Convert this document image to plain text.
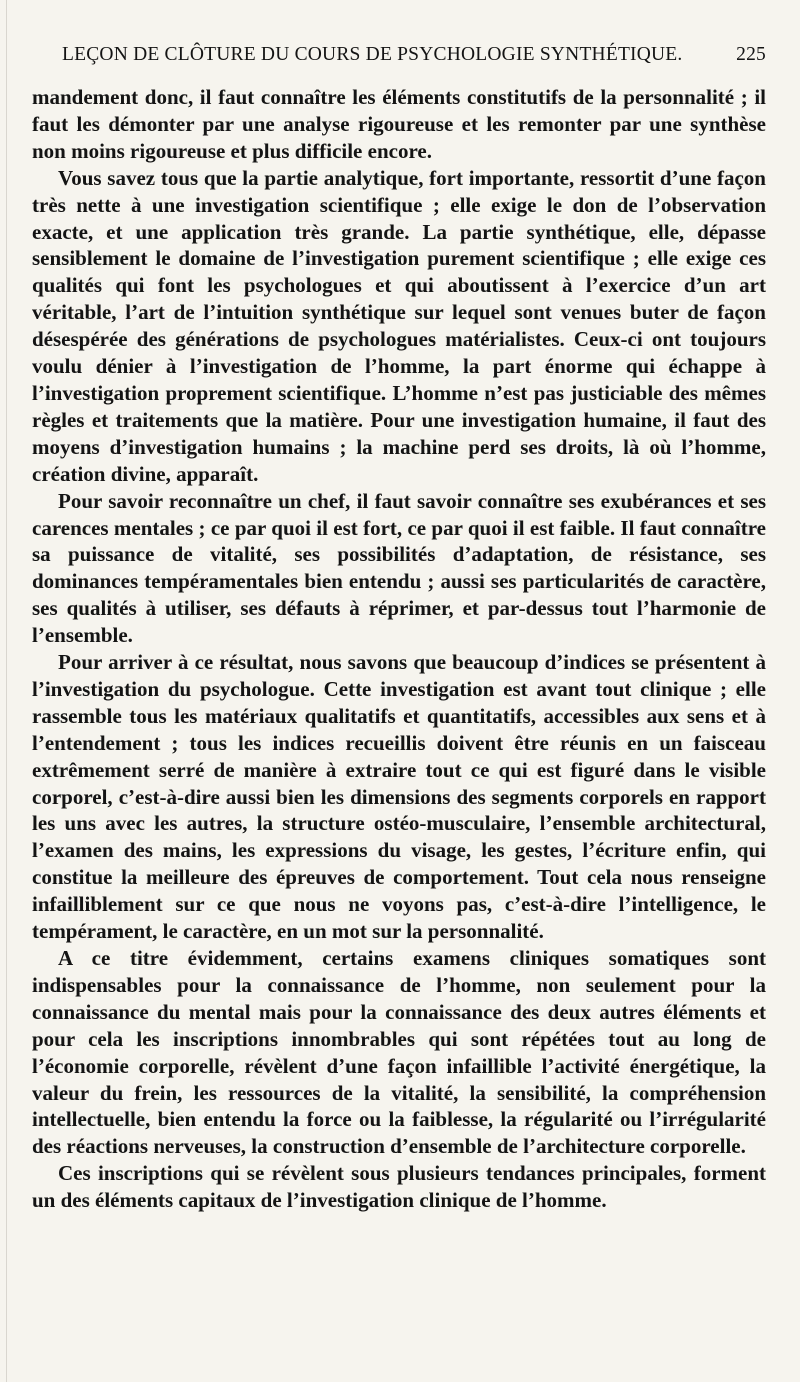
LEÇON DE CLÔTURE DU COURS DE PSYCHOLOGIE SYNTHÉTIQUE.	225

mandement donc, il faut connaître les éléments constitutifs de la personnalité ; il faut les démonter par une analyse rigoureuse et les remonter par une synthèse non moins rigoureuse et plus difficile encore.

Vous savez tous que la partie analytique, fort importante, ressortit d’une façon très nette à une investigation scientifique ; elle exige le don de l’observation exacte, et une application très grande. La partie synthétique, elle, dépasse sensiblement le domaine de l’investigation purement scientifique ; elle exige ces qualités qui font les psychologues et qui aboutissent à l’exercice d’un art véritable, l’art de l’intuition synthétique sur lequel sont venues buter de façon désespérée des générations de psychologues matérialistes. Ceux-ci ont toujours voulu dénier à l’investigation de l’homme, la part énorme qui échappe à l’investigation proprement scientifique. L’homme n’est pas justiciable des mêmes règles et traitements que la matière. Pour une investigation humaine, il faut des moyens d’investigation humains ; la machine perd ses droits, là où l’homme, création divine, apparaît.

Pour savoir reconnaître un chef, il faut savoir connaître ses exubérances et ses carences mentales ; ce par quoi il est fort, ce par quoi il est faible. Il faut connaître sa puissance de vitalité, ses possibilités d’adaptation, de résistance, ses dominances tempéramentales bien entendu ; aussi ses particularités de caractère, ses qualités à utiliser, ses défauts à réprimer, et par-dessus tout l’harmonie de l’ensemble.

Pour arriver à ce résultat, nous savons que beaucoup d’indices se présentent à l’investigation du psychologue. Cette investigation est avant tout clinique ; elle rassemble tous les matériaux qualitatifs et quantitatifs, accessibles aux sens et à l’entendement ; tous les indices recueillis doivent être réunis en un faisceau extrêmement serré de manière à extraire tout ce qui est figuré dans le visible corporel, c’est-à-dire aussi bien les dimensions des segments corporels en rapport les uns avec les autres, la structure ostéo-musculaire, l’ensemble architectural, l’examen des mains, les expressions du visage, les gestes, l’écriture enfin, qui constitue la meilleure des épreuves de comportement. Tout cela nous renseigne infailliblement sur ce que nous ne voyons pas, c’est-à-dire l’intelligence, le tempérament, le caractère, en un mot sur la personnalité.

A ce titre évidemment, certains examens cliniques somatiques sont indispensables pour la connaissance de l’homme, non seulement pour la connaissance du mental mais pour la connaissance des deux autres éléments et pour cela les inscriptions innombrables qui sont répétées tout au long de l’économie corporelle, révèlent d’une façon infaillible l’activité énergétique, la valeur du frein, les ressources de la vitalité, la sensibilité, la compréhension intellectuelle, bien entendu la force ou la faiblesse, la régularité ou l’irrégularité des réactions nerveuses, la construction d’ensemble de l’architecture corporelle.

Ces inscriptions qui se révèlent sous plusieurs tendances principales, forment un des éléments capitaux de l’investigation clinique de l’homme.
